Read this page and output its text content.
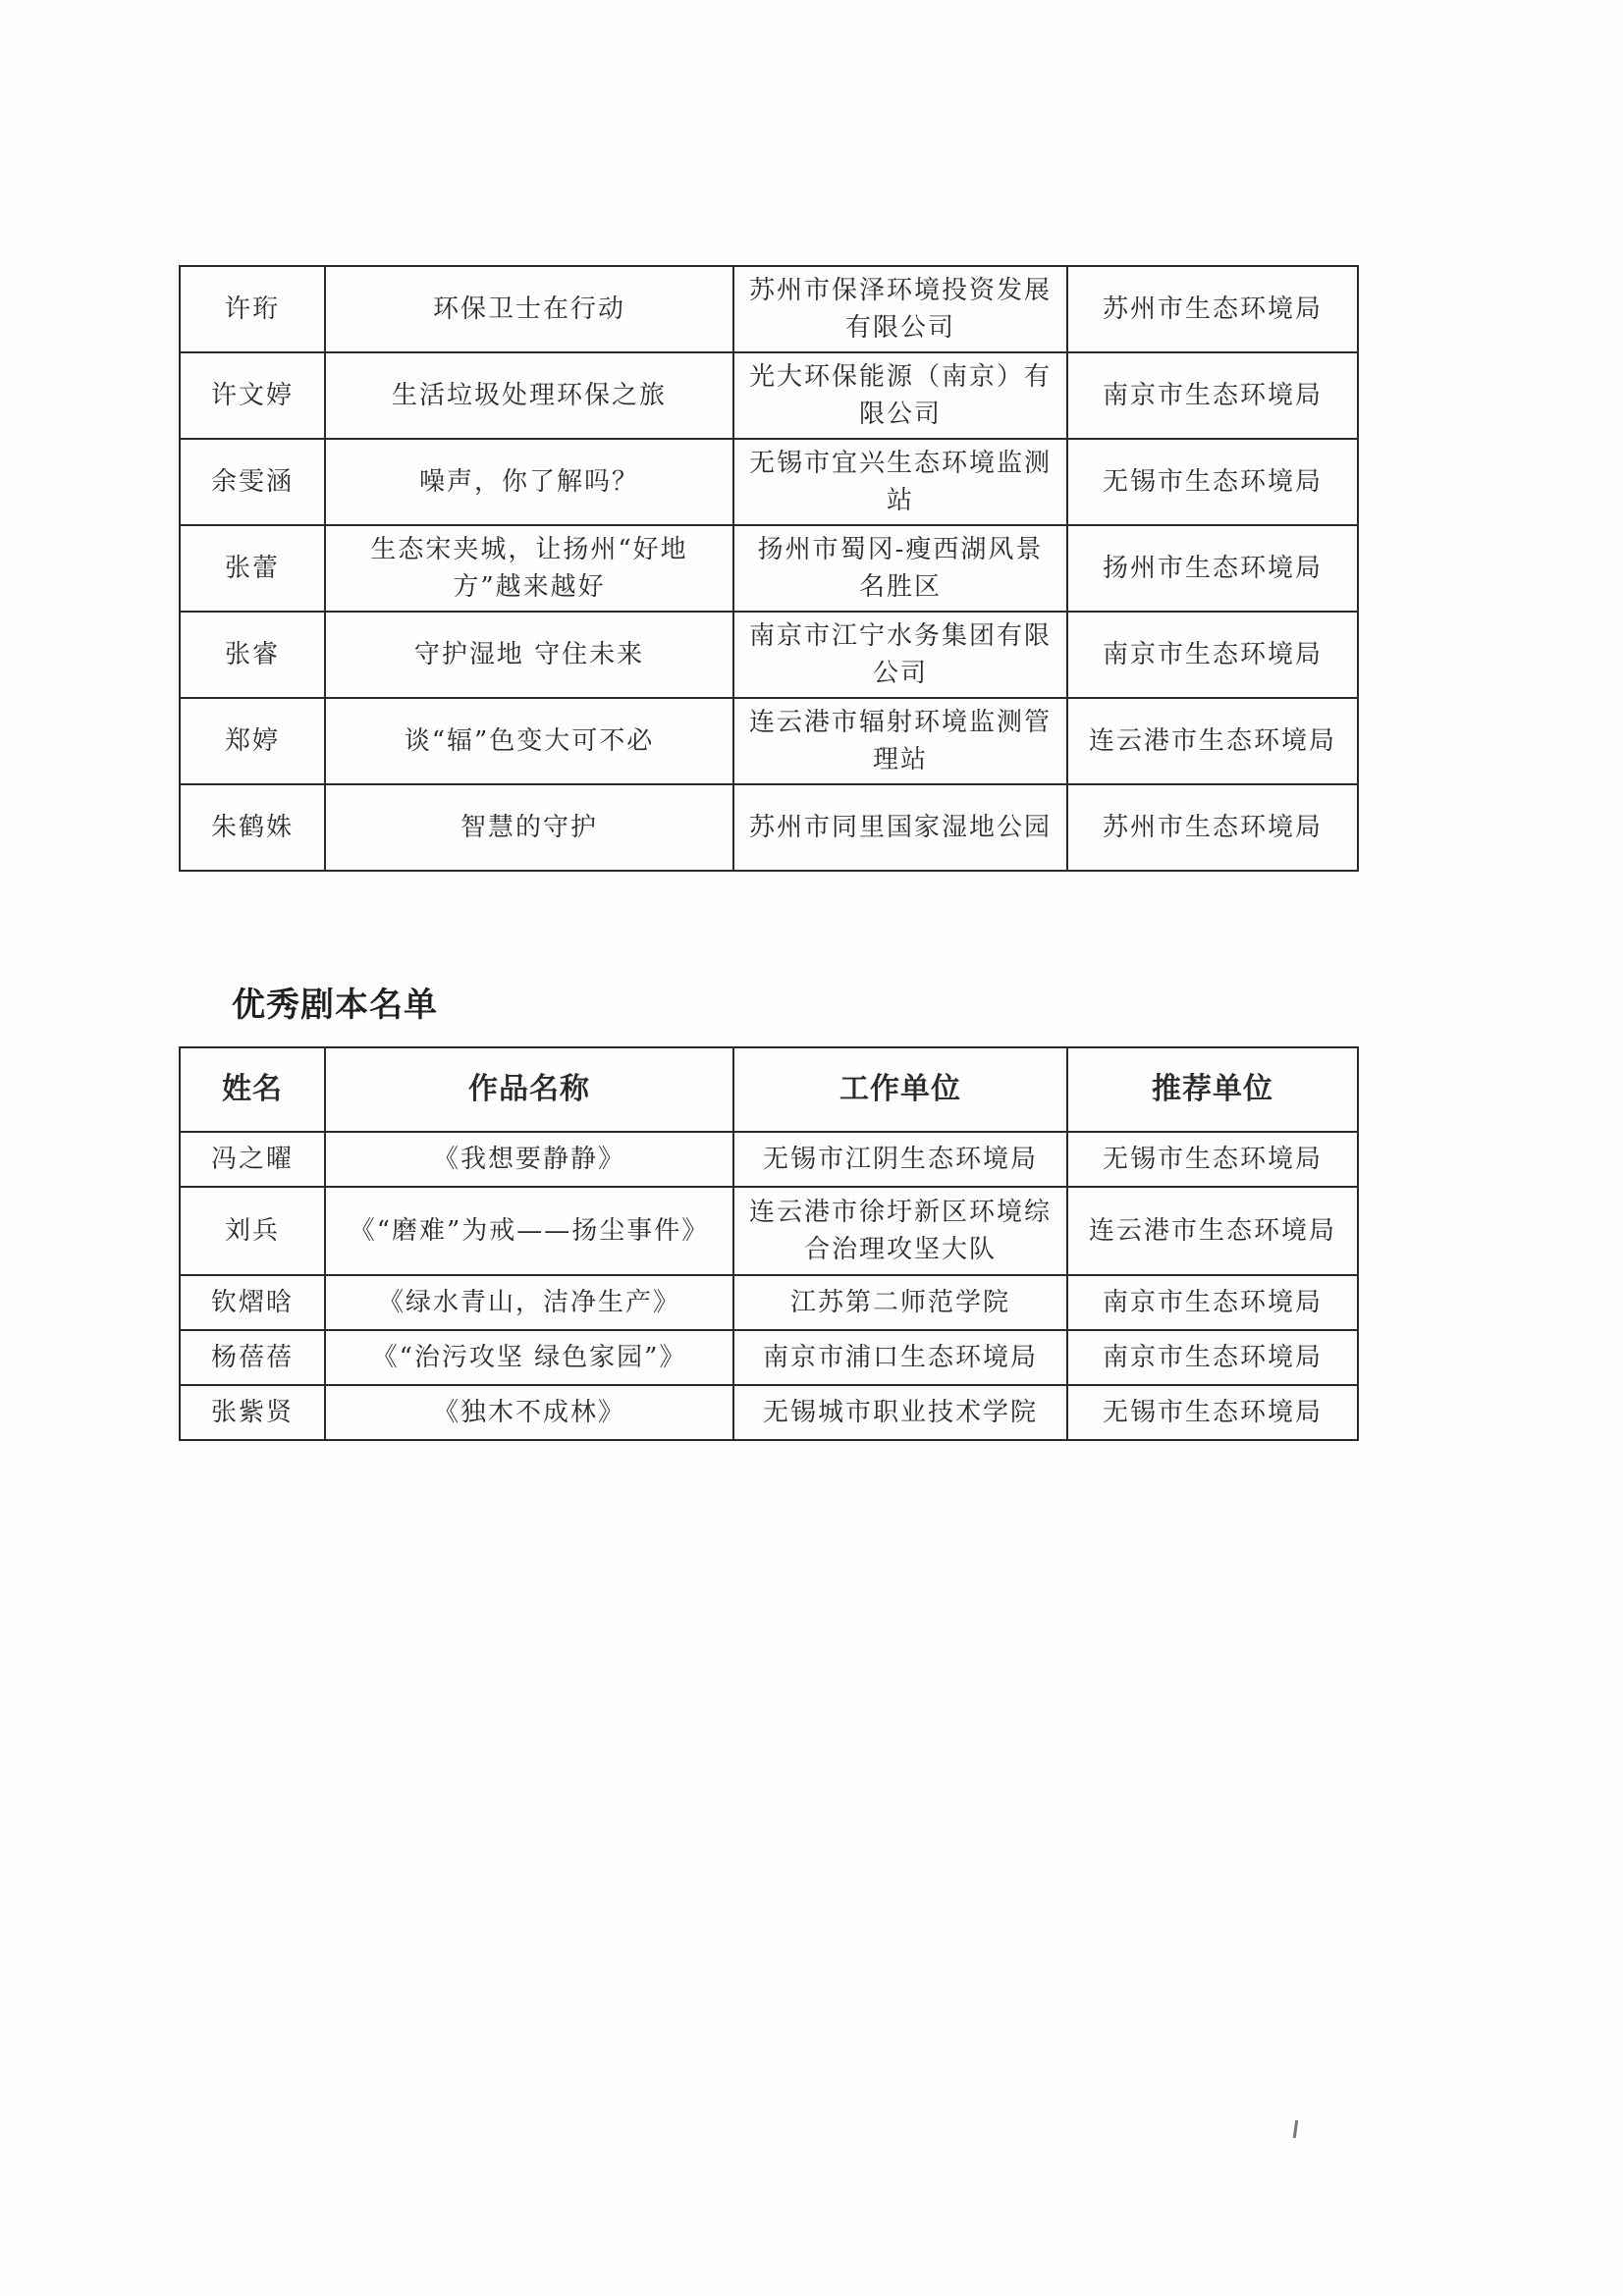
许珩	环保卫士在行动	苏州市保泽环境投资发展有限公司	苏州市生态环境局
许文婷	生活垃圾处理环保之旅	光大环保能源（南京）有限公司	南京市生态环境局
余雯涵	噪声，你了解吗？	无锡市宜兴生态环境监测站	无锡市生态环境局
张蕾	生态宋夹城，让扬州“好地方”越来越好	扬州市蜀冈-瘦西湖风景名胜区	扬州市生态环境局
张睿	守护湿地 守住未来	南京市江宁水务集团有限公司	南京市生态环境局
郑婷	谈“辐”色变大可不必	连云港市辐射环境监测管理站	连云港市生态环境局
朱鹤姝	智慧的守护	苏州市同里国家湿地公园	苏州市生态环境局
优秀剧本名单
姓名	作品名称	工作单位	推荐单位
冯之曜	《我想要静静》	无锡市江阴生态环境局	无锡市生态环境局
刘兵	《“磨难”为戒——扬尘事件》	连云港市徐圩新区环境综合治理攻坚大队	连云港市生态环境局
钦熠晗	《绿水青山，洁净生产》	江苏第二师范学院	南京市生态环境局
杨蓓蓓	《“治污攻坚 绿色家园”》	南京市浦口生态环境局	南京市生态环境局
张紫贤	《独木不成林》	无锡城市职业技术学院	无锡市生态环境局
